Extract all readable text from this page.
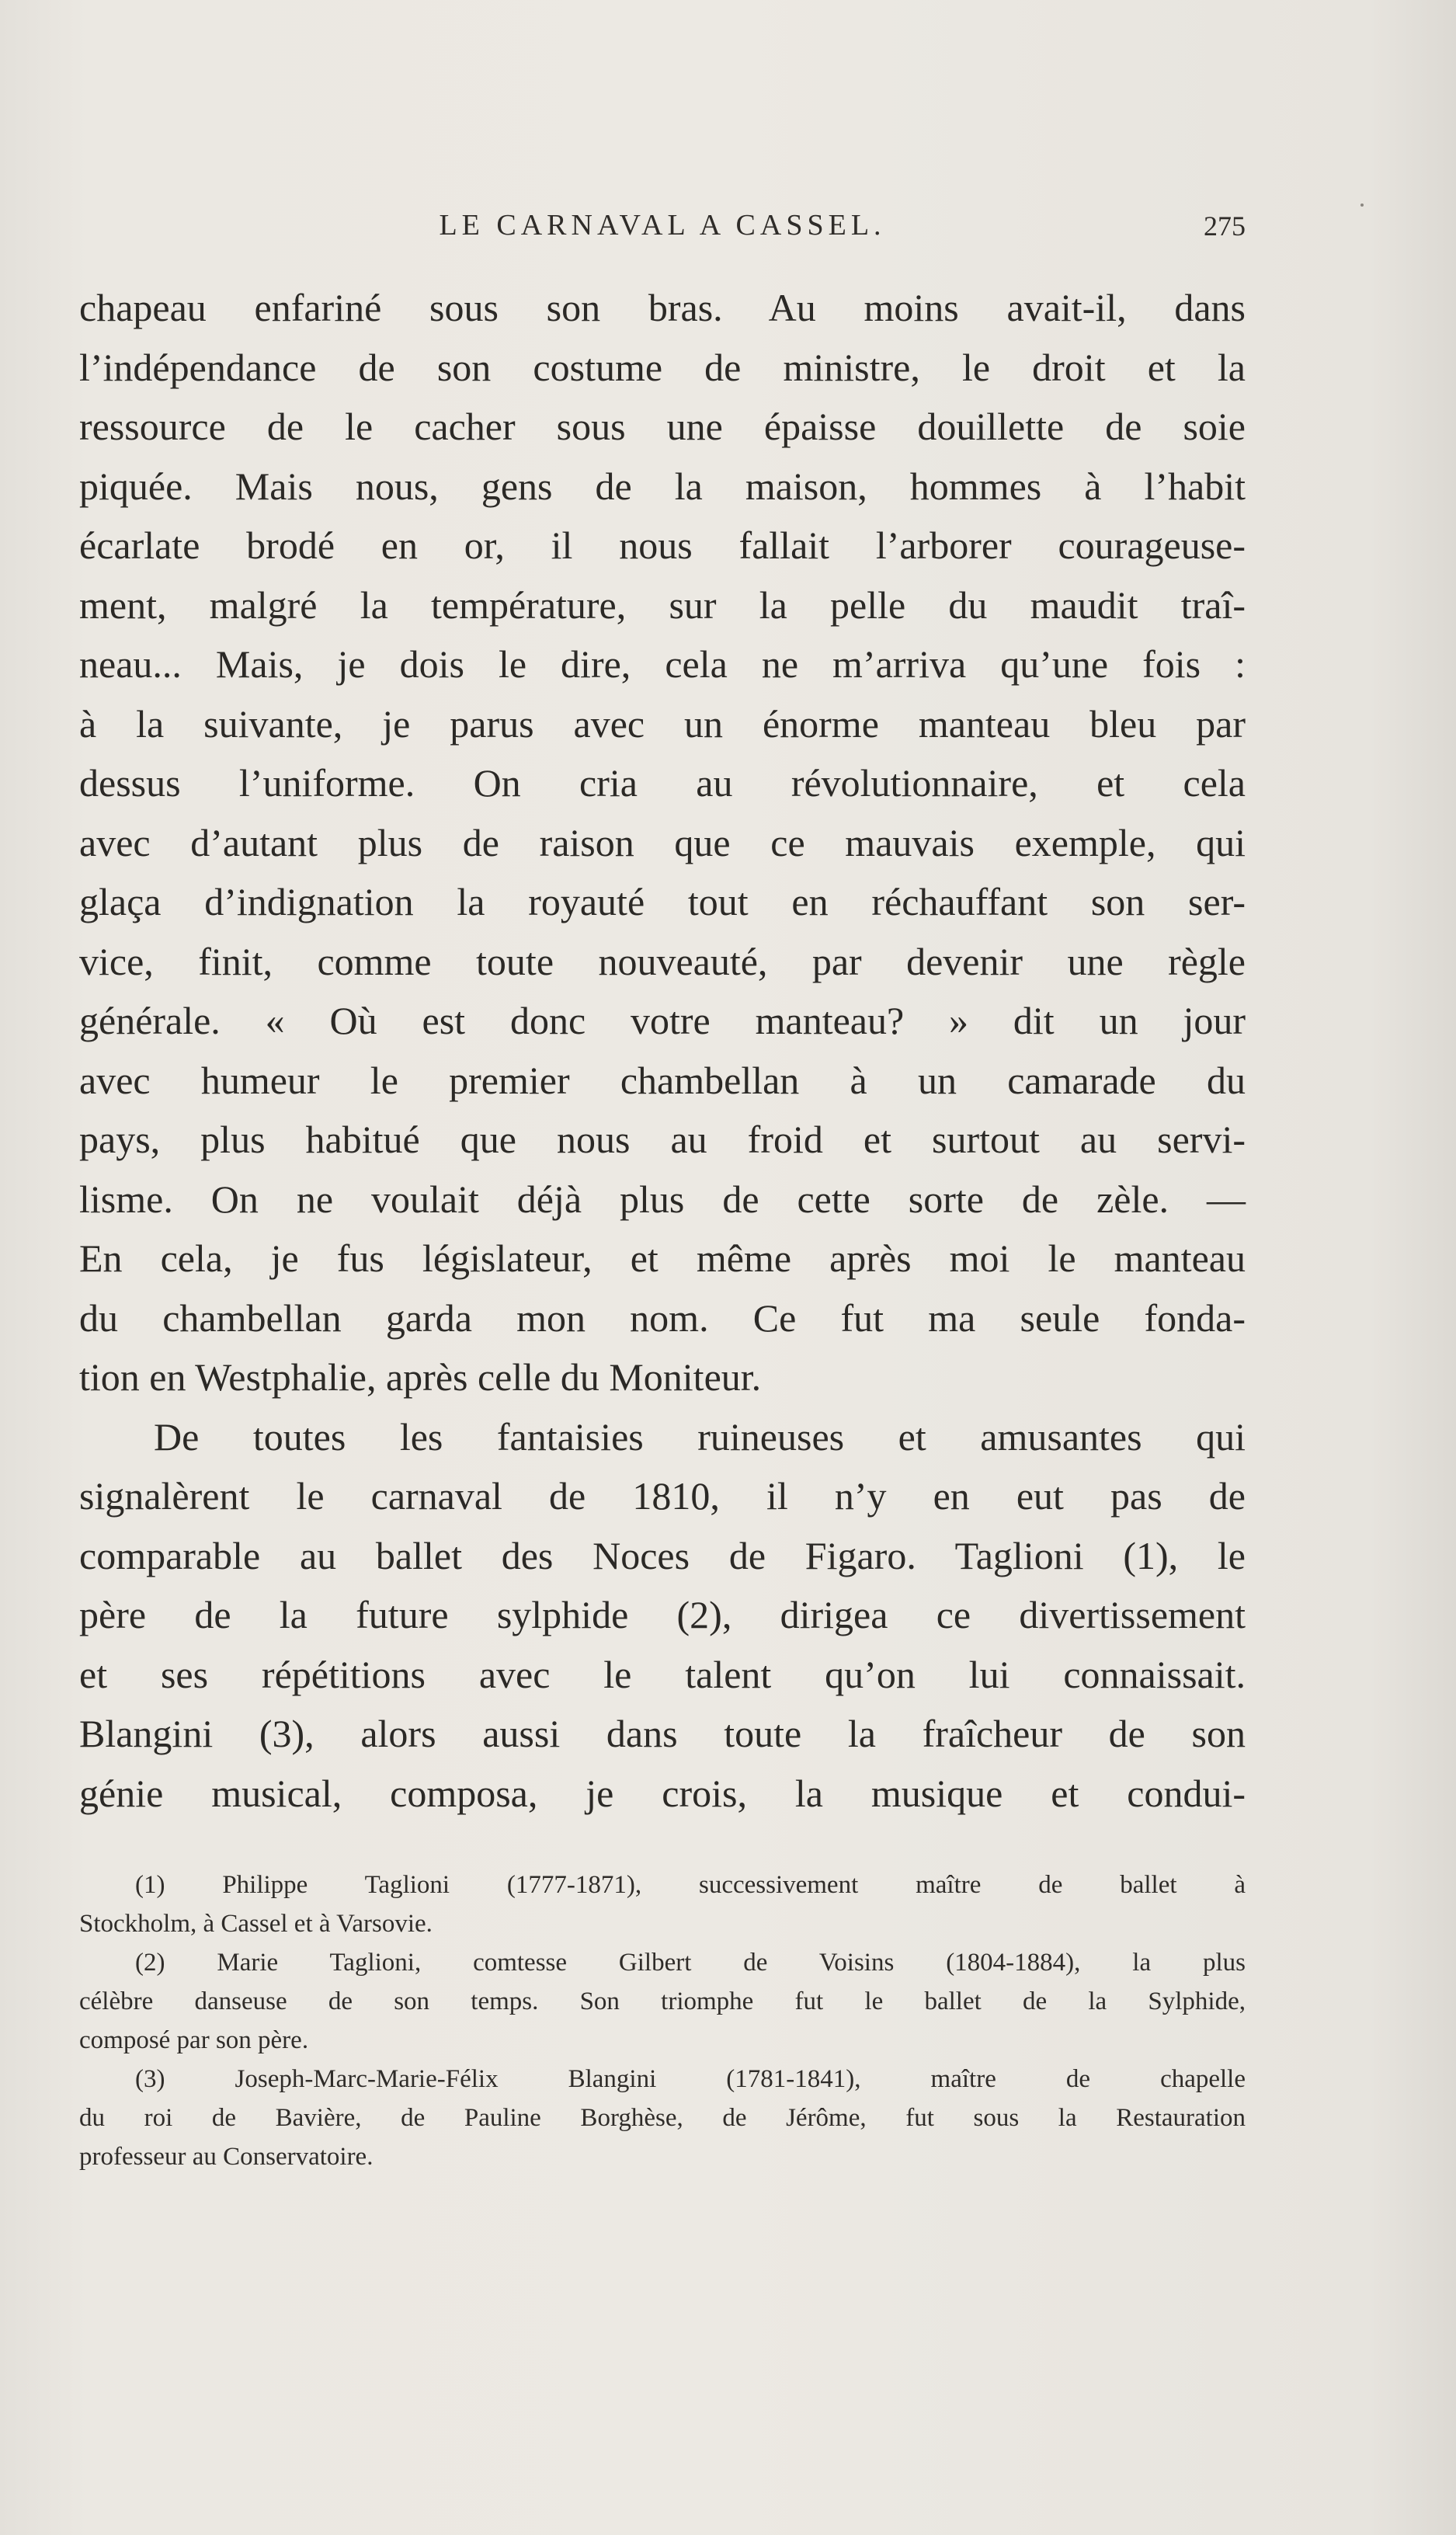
LE CARNAVAL A CASSEL.	275
chapeau enfariné sous son bras. Au moins avait-il, dans
l’indépendance de son costume de ministre, le droit et la
ressource de le cacher sous une épaisse douillette de soie
piquée. Mais nous, gens de la maison, hommes à l’habit
écarlate brodé en or, il nous fallait l’arborer courageuse-
ment, malgré la température, sur la pelle du maudit traî-
neau... Mais, je dois le dire, cela ne m’arriva qu’une fois :
à la suivante, je parus avec un énorme manteau bleu par
dessus l’uniforme. On cria au révolutionnaire, et cela
avec d’autant plus de raison que ce mauvais exemple, qui
glaça d’indignation la royauté tout en réchauffant son ser-
vice, finit, comme toute nouveauté, par devenir une règle
générale. « Où est donc votre manteau? » dit un jour
avec humeur le premier chambellan à un camarade du
pays, plus habitué que nous au froid et surtout au servi-
lisme. On ne voulait déjà plus de cette sorte de zèle. —
En cela, je fus législateur, et même après moi le manteau
du chambellan garda mon nom. Ce fut ma seule fonda-
tion en Westphalie, après celle du Moniteur.
De toutes les fantaisies ruineuses et amusantes qui
signalèrent le carnaval de 1810, il n’y en eut pas de
comparable au ballet des Noces de Figaro. Taglioni (1), le
père de la future sylphide (2), dirigea ce divertissement
et ses répétitions avec le talent qu’on lui connaissait.
Blangini (3), alors aussi dans toute la fraîcheur de son
génie musical, composa, je crois, la musique et condui-
(1) Philippe Taglioni (1777-1871), successivement maître de ballet à
Stockholm, à Cassel et à Varsovie.
(2) Marie Taglioni, comtesse Gilbert de Voisins (1804-1884), la plus
célèbre danseuse de son temps. Son triomphe fut le ballet de la Sylphide,
composé par son père.
(3) Joseph-Marc-Marie-Félix Blangini (1781-1841), maître de chapelle
du roi de Bavière, de Pauline Borghèse, de Jérôme, fut sous la Restauration
professeur au Conservatoire.
